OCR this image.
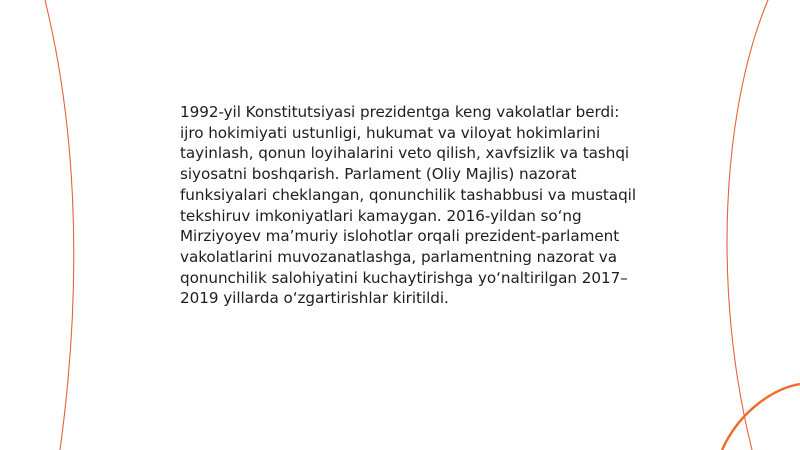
1992-yil Konstitutsiyasi prezidentga keng vakolatlar berdi: ijro hokimiyati ustunligi, hukumat va viloyat hokimlarini tayinlash, qonun loyihalarini veto qilish, xavfsizlik va tashqi siyosatni boshqarish. Parlament (Oliy Majlis) nazorat funksiyalari cheklangan, qonunchilik tashabbusi va mustaqil tekshiruv imkoniyatlari kamaygan. 2016-yildan so‘ng Mirziyoyev ma’muriy islohotlar orqali prezident-parlament vakolatlarini muvozanatlashga, parlamentning nazorat va qonunchilik salohiyatini kuchaytirishga yo‘naltirilgan 2017–2019 yillarda o‘zgartirishlar kiritildi.
